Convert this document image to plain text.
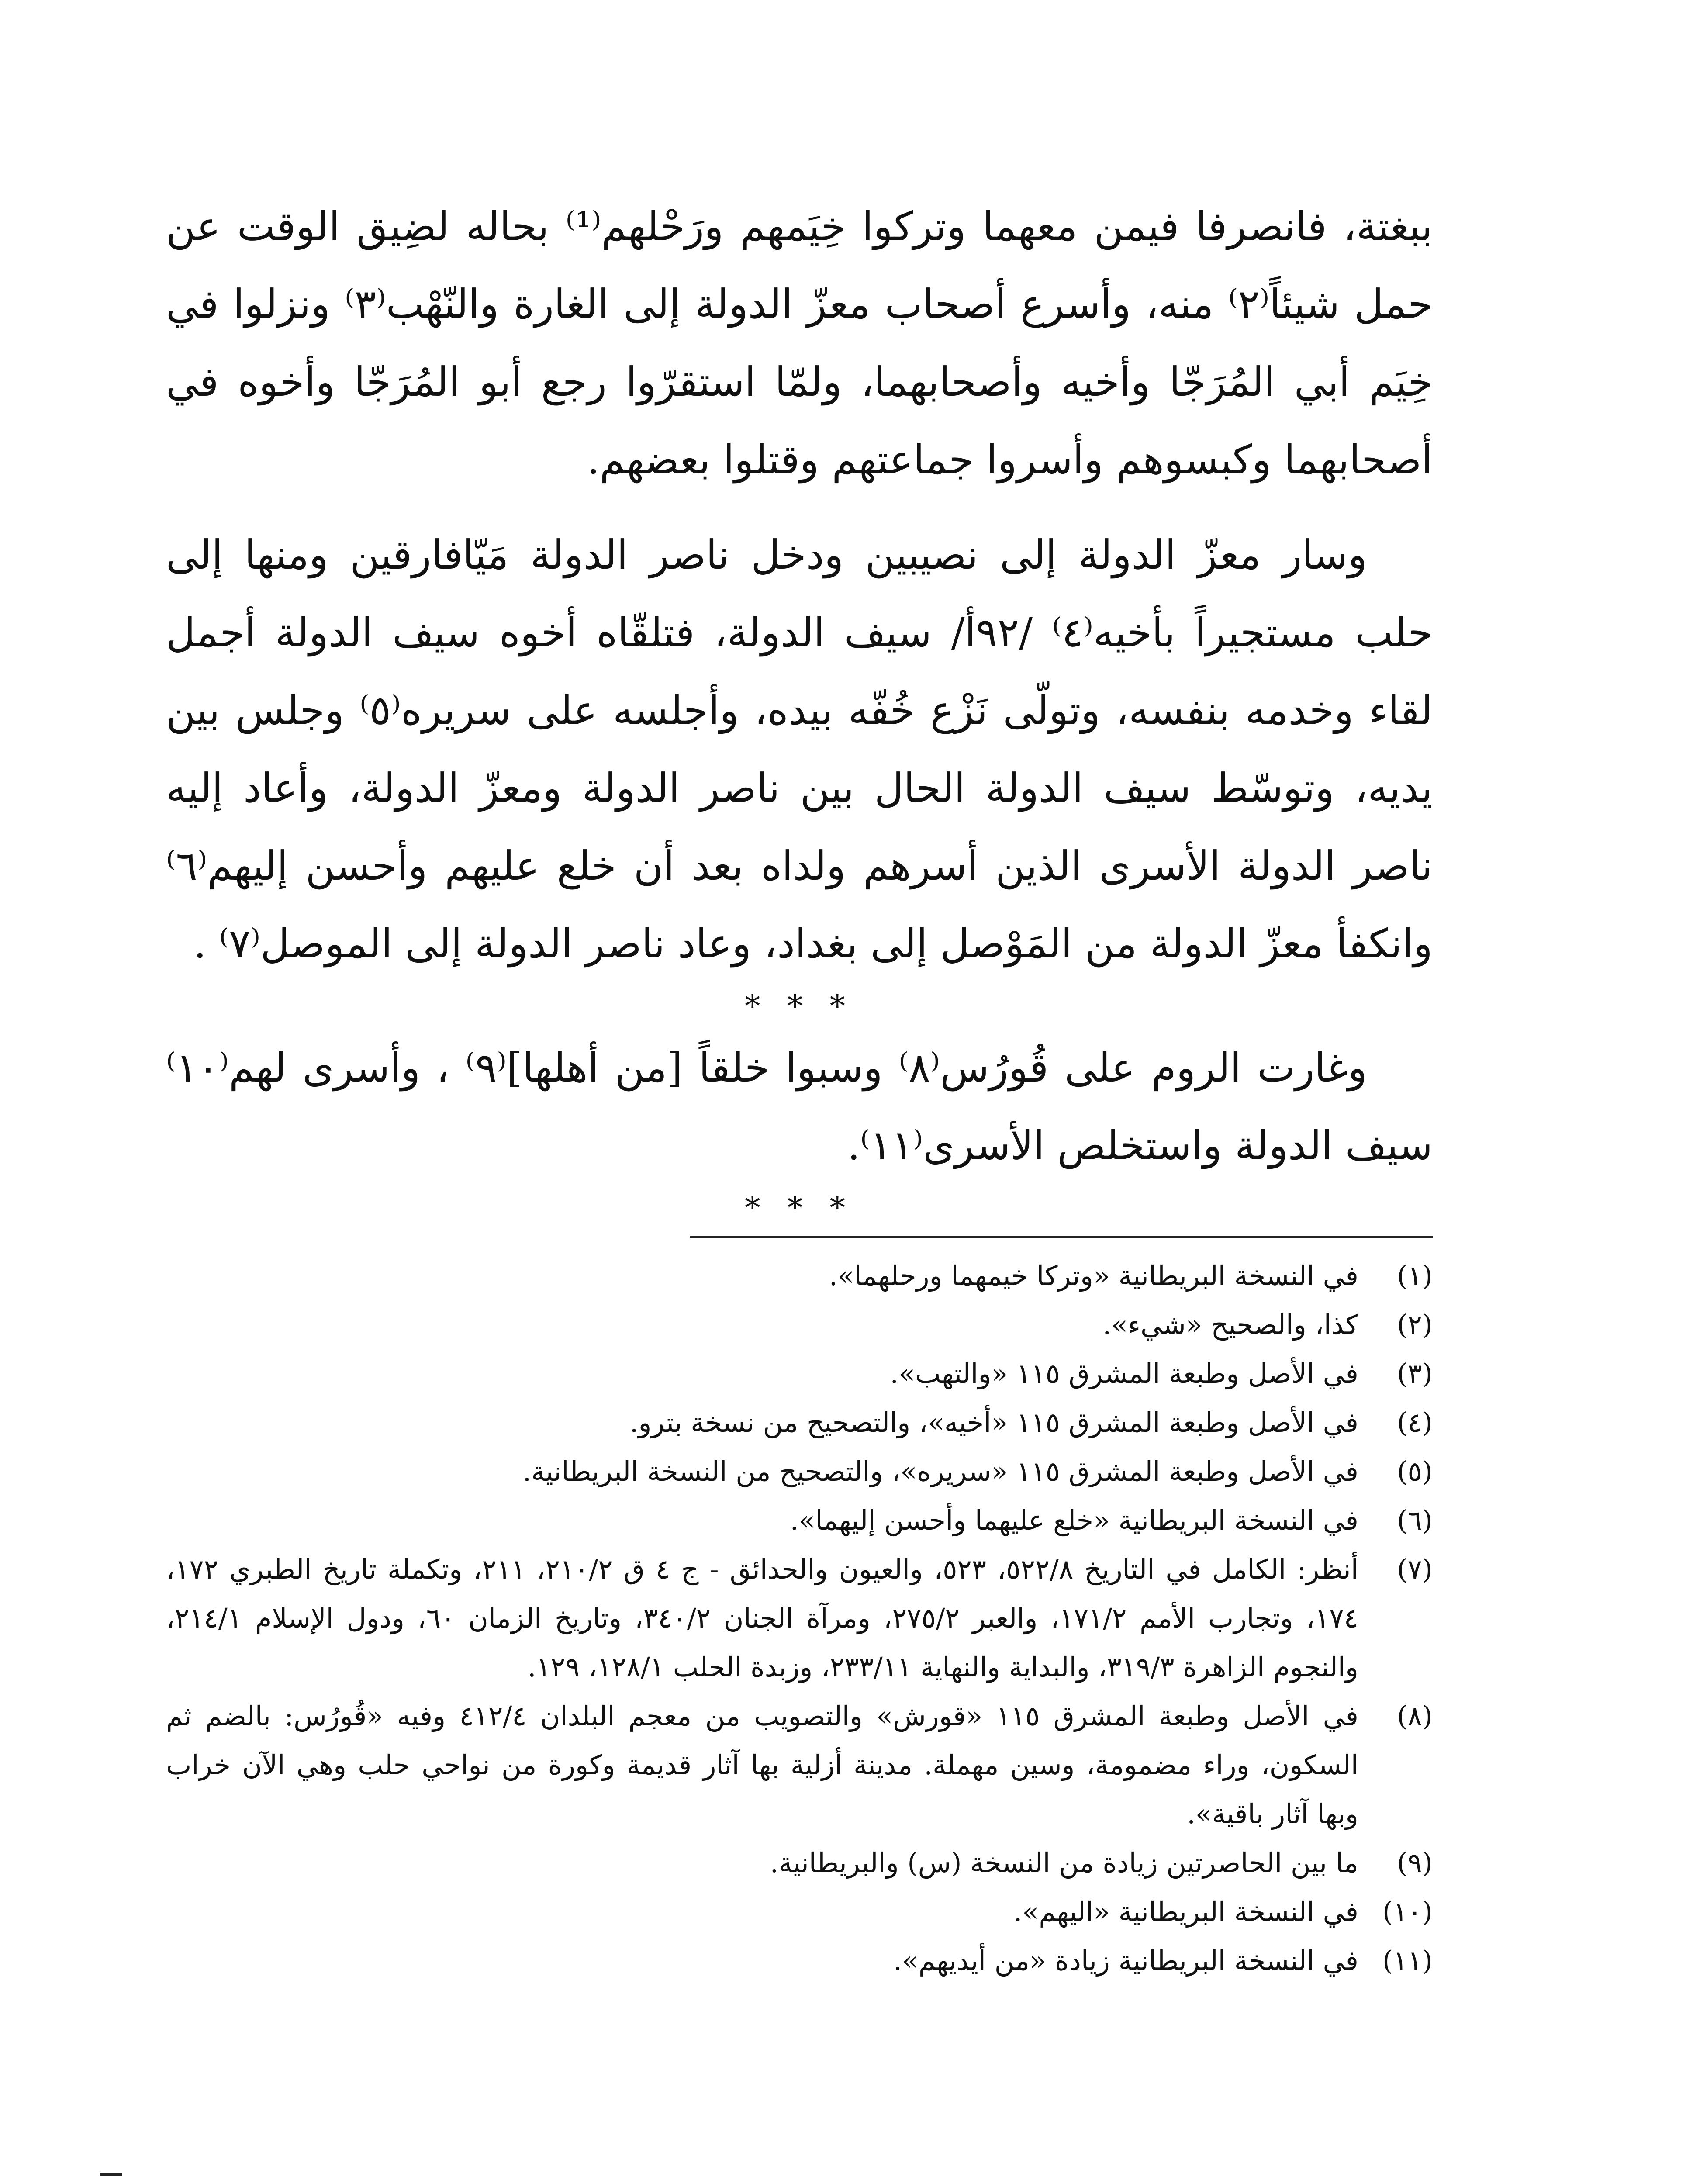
ببغتة، فانصرفا فيمن معهما وتركوا خِيَمهم ورَحْلهم⁽¹⁾ بحاله لضِيق الوقت عن حمل شيئاً⁽٢⁾ منه، وأسرع أصحاب معزّ الدولة إلى الغارة والنّهْب⁽٣⁾ ونزلوا في خِيَم أبي المُرَجّا وأخيه وأصحابهما، ولمّا استقرّوا رجع أبو المُرَجّا وأخوه في أصحابهما وكبسوهم وأسروا جماعتهم وقتلوا بعضهم.

وسار معزّ الدولة إلى نصيبين ودخل ناصر الدولة مَيّافارقين ومنها إلى حلب مستجيراً بأخيه⁽٤⁾ /٩٢أ/ سيف الدولة، فتلقّاه أخوه سيف الدولة أجمل لقاء وخدمه بنفسه، وتولّى نَزْع خُفّه بيده، وأجلسه على سريره⁽٥⁾ وجلس بين يديه، وتوسّط سيف الدولة الحال بين ناصر الدولة ومعزّ الدولة، وأعاد إليه ناصر الدولة الأسرى الذين أسرهم ولداه بعد أن خلع عليهم وأحسن إليهم⁽٦⁾ وانكفأ معزّ الدولة من المَوْصل إلى بغداد، وعاد ناصر الدولة إلى الموصل⁽٧⁾ .

* * *

وغارت الروم على قُورُس⁽٨⁾ وسبوا خلقاً [من أهلها]⁽٩⁾ ، وأسرى لهم⁽١٠⁾ سيف الدولة واستخلص الأسرى⁽١١⁾.

* * *
(١)
في النسخة البريطانية «وتركا خيمهما ورحلهما».
(٢)
كذا، والصحيح «شيء».
(٣)
في الأصل وطبعة المشرق ١١٥ «والتهب».
(٤)
في الأصل وطبعة المشرق ١١٥ «أخيه»، والتصحيح من نسخة بترو.
(٥)
في الأصل وطبعة المشرق ١١٥ «سريره»، والتصحيح من النسخة البريطانية.
(٦)
في النسخة البريطانية «خلع عليهما وأحسن إليهما».
(٧)
أنظر: الكامل في التاريخ ٥٢٢/٨، ٥٢٣، والعيون والحدائق - ج ٤ ق ٢١٠/٢، ٢١١، وتكملة تاريخ الطبري ١٧٢، ١٧٤، وتجارب الأمم ١٧١/٢، والعبر ٢٧٥/٢، ومرآة الجنان ٣٤٠/٢، وتاريخ الزمان ٦٠، ودول الإسلام ٢١٤/١، والنجوم الزاهرة ٣١٩/٣، والبداية والنهاية ٢٣٣/١١، وزبدة الحلب ١٢٨/١، ١٢٩.
(٨)
في الأصل وطبعة المشرق ١١٥ «قورش» والتصويب من معجم البلدان ٤١٢/٤ وفيه «قُورُس: بالضم ثم السكون، وراء مضمومة، وسين مهملة. مدينة أزلية بها آثار قديمة وكورة من نواحي حلب وهي الآن خراب وبها آثار باقية».
(٩)
ما بين الحاصرتين زيادة من النسخة (س) والبريطانية.
(١٠)
في النسخة البريطانية «اليهم».
(١١)
في النسخة البريطانية زيادة «من أيديهم».
